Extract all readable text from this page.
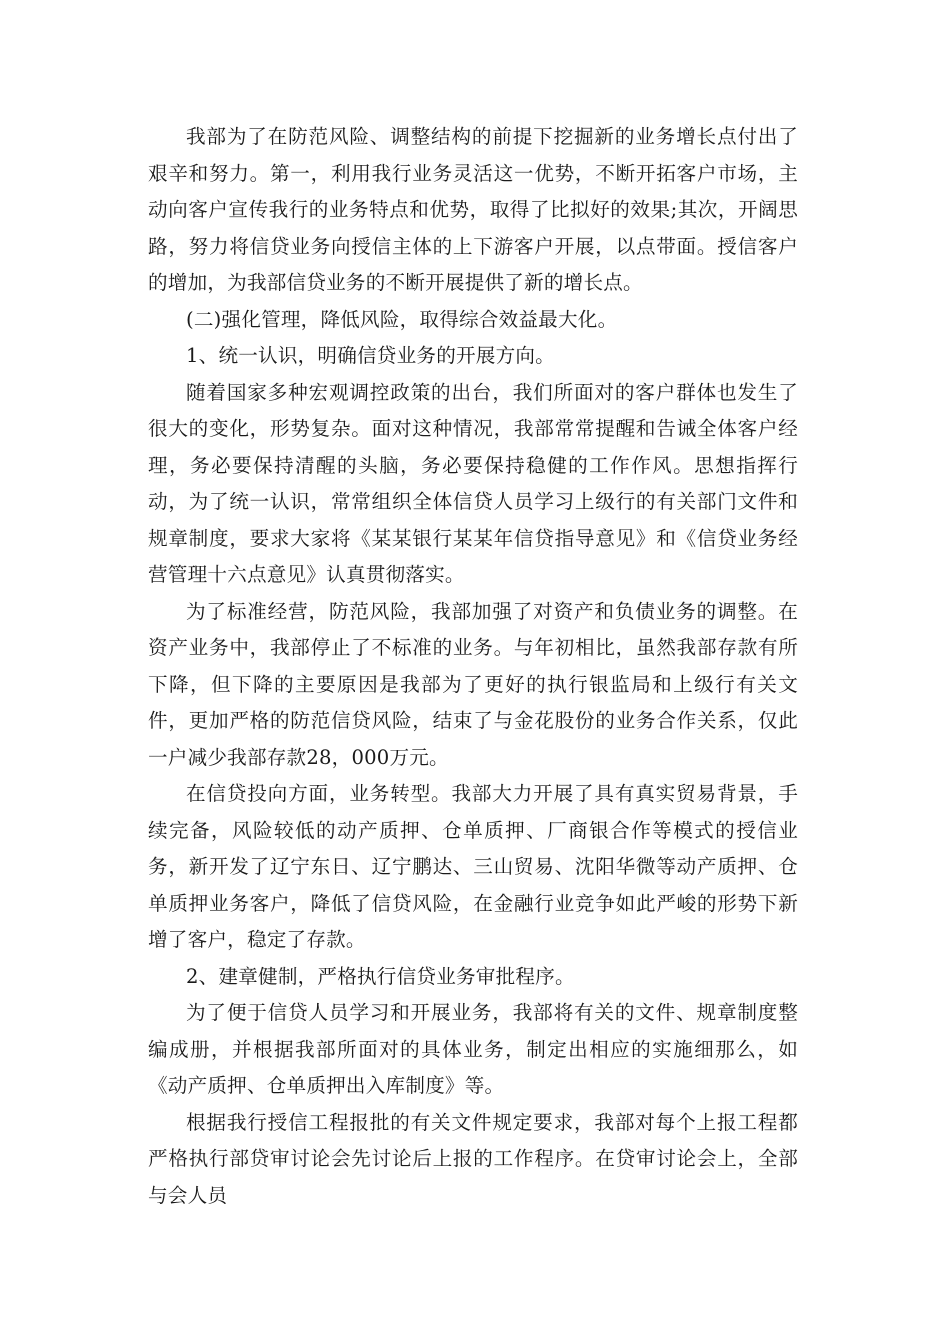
我部为了在防范风险、调整结构的前提下挖掘新的业务增长点付出了艰辛和努力。第一，利用我行业务灵活这一优势，不断开拓客户市场，主动向客户宣传我行的业务特点和优势，取得了比拟好的效果;其次，开阔思路，努力将信贷业务向授信主体的上下游客户开展，以点带面。授信客户的增加，为我部信贷业务的不断开展提供了新的增长点。

(二)强化管理，降低风险，取得综合效益最大化。

1、统一认识，明确信贷业务的开展方向。

随着国家多种宏观调控政策的出台，我们所面对的客户群体也发生了很大的变化，形势复杂。面对这种情况，我部常常提醒和告诫全体客户经理，务必要保持清醒的头脑，务必要保持稳健的工作作风。思想指挥行动，为了统一认识，常常组织全体信贷人员学习上级行的有关部门文件和规章制度，要求大家将《某某银行某某年信贷指导意见》和《信贷业务经营管理十六点意见》认真贯彻落实。

为了标准经营，防范风险，我部加强了对资产和负债业务的调整。在资产业务中，我部停止了不标准的业务。与年初相比，虽然我部存款有所下降，但下降的主要原因是我部为了更好的执行银监局和上级行有关文件，更加严格的防范信贷风险，结束了与金花股份的业务合作关系，仅此一户减少我部存款28，000万元。

在信贷投向方面，业务转型。我部大力开展了具有真实贸易背景，手续完备，风险较低的动产质押、仓单质押、厂商银合作等模式的授信业务，新开发了辽宁东日、辽宁鹏达、三山贸易、沈阳华微等动产质押、仓单质押业务客户，降低了信贷风险，在金融行业竞争如此严峻的形势下新增了客户，稳定了存款。

2、建章健制，严格执行信贷业务审批程序。

为了便于信贷人员学习和开展业务，我部将有关的文件、规章制度整编成册，并根据我部所面对的具体业务，制定出相应的实施细那么，如《动产质押、仓单质押出入库制度》等。

根据我行授信工程报批的有关文件规定要求，我部对每个上报工程都严格执行部贷审讨论会先讨论后上报的工作程序。在贷审讨论会上，全部与会人员
